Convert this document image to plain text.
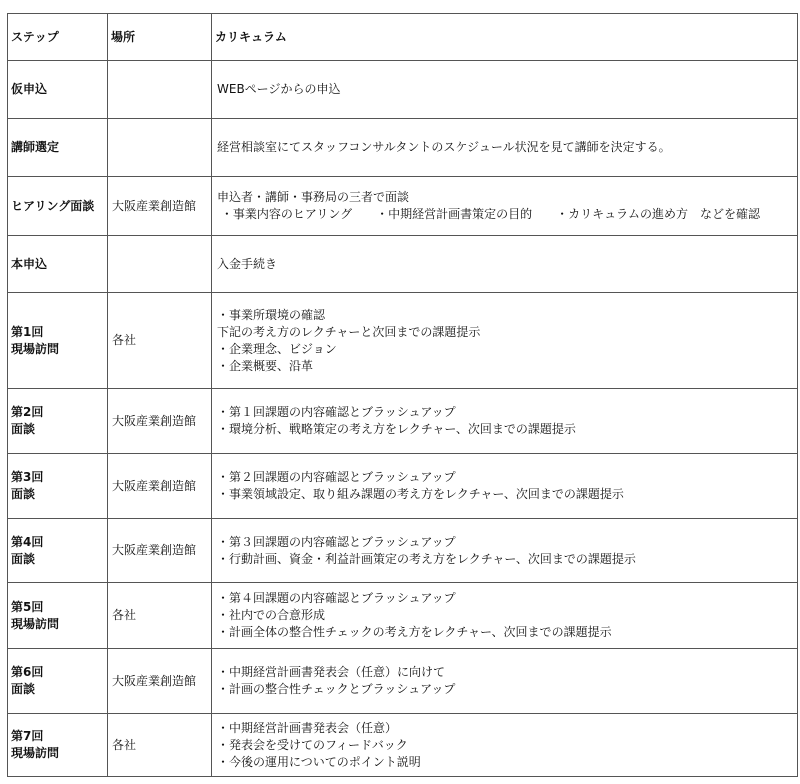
ステップ	場所	カリキュラム
仮申込		WEBページからの申込

講師選定		経営相談室にてスタッフコンサルタントのスケジュール状況を見て講師を決定する。

ヒアリング面談	大阪産業創造館	申込者・講師・事務局の三者で面談
・事業内容のヒアリング　　・中期経営計画書策定の目的　　・カリキュラムの進め方　などを確認

本申込		入金手続き

第1回
現場訪問	各社	・事業所環境の確認
下記の考え方のレクチャーと次回までの課題提示
・企業理念、ビジョン
・企業概要、沿革

第2回
面談	大阪産業創造館	・第１回課題の内容確認とブラッシュアップ
・環境分析、戦略策定の考え方をレクチャー、次回までの課題提示

第3回
面談	大阪産業創造館	・第２回課題の内容確認とブラッシュアップ
・事業領域設定、取り組み課題の考え方をレクチャー、次回までの課題提示

第4回
面談	大阪産業創造館	・第３回課題の内容確認とブラッシュアップ
・行動計画、資金・利益計画策定の考え方をレクチャー、次回までの課題提示

第5回
現場訪問	各社	・第４回課題の内容確認とブラッシュアップ
・社内での合意形成
・計画全体の整合性チェックの考え方をレクチャー、次回までの課題提示

第6回
面談	大阪産業創造館	・中期経営計画書発表会（任意）に向けて
・計画の整合性チェックとブラッシュアップ

第7回
現場訪問	各社	・中期経営計画書発表会（任意）
・発表会を受けてのフィードバック
・今後の運用についてのポイント説明
